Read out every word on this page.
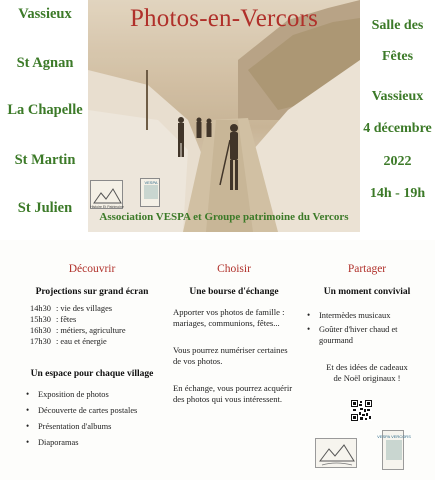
Vassieux
St Agnan
La Chapelle
St Martin
St Julien
Photos-en-Vercors
Histoire Et Patrimoine
VESPA
Association VESPA et Groupe patrimoine du Vercors
Salle des
Fêtes
Vassieux
4 décembre
2022
14h - 19h
Découvrir
Projections sur grand écran
14h30 : vie des villages
15h30 : fêtes
16h30 : métiers, agriculture
17h30 : eau et énergie
Un espace pour chaque village
• Exposition de photos
• Découverte de cartes postales
• Présentation d'albums
• Diaporamas
Choisir
Une bourse d'échange
Apporter vos photos de famille :
mariages, communions, fêtes...
Vous pourrez numériser certaines
de vos photos.
En échange, vous pourrez acquérir
des photos qui vous intéressent.
Partager
Un moment convivial
• Intermèdes musicaux
• Goûter d'hiver chaud et
gourmand
Et des idées de cadeaux
de Noël originaux !
VESPA VERCORS
